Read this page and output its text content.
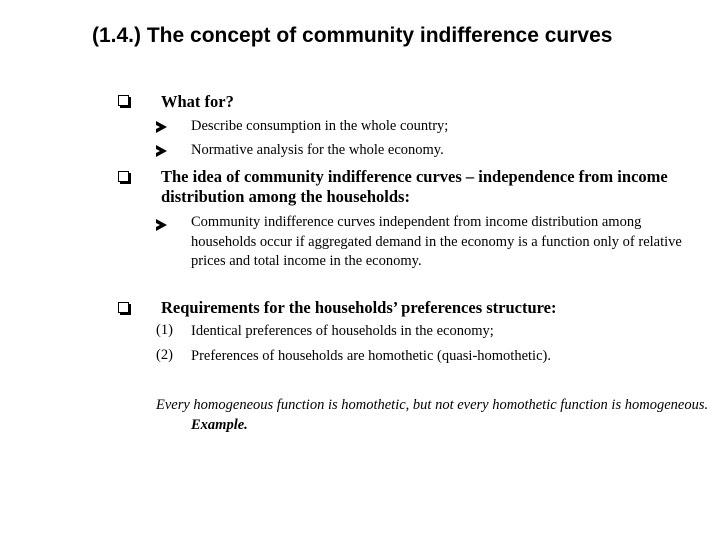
(1.4.) The concept of community indifference curves
What for?
Describe consumption in the whole country;
Normative analysis for the whole economy.
The idea of community indifference curves – independence from income distribution among the households:
Community indifference curves independent from income distribution among households occur if aggregated demand in the economy is a function only of relative prices and total income in the economy.
Requirements for the households’ preferences structure:
(1) Identical preferences of households in the economy;
(2) Preferences of households are homothetic (quasi-homothetic).
Every homogeneous function is homothetic, but not every homothetic function is homogeneous. Example.
